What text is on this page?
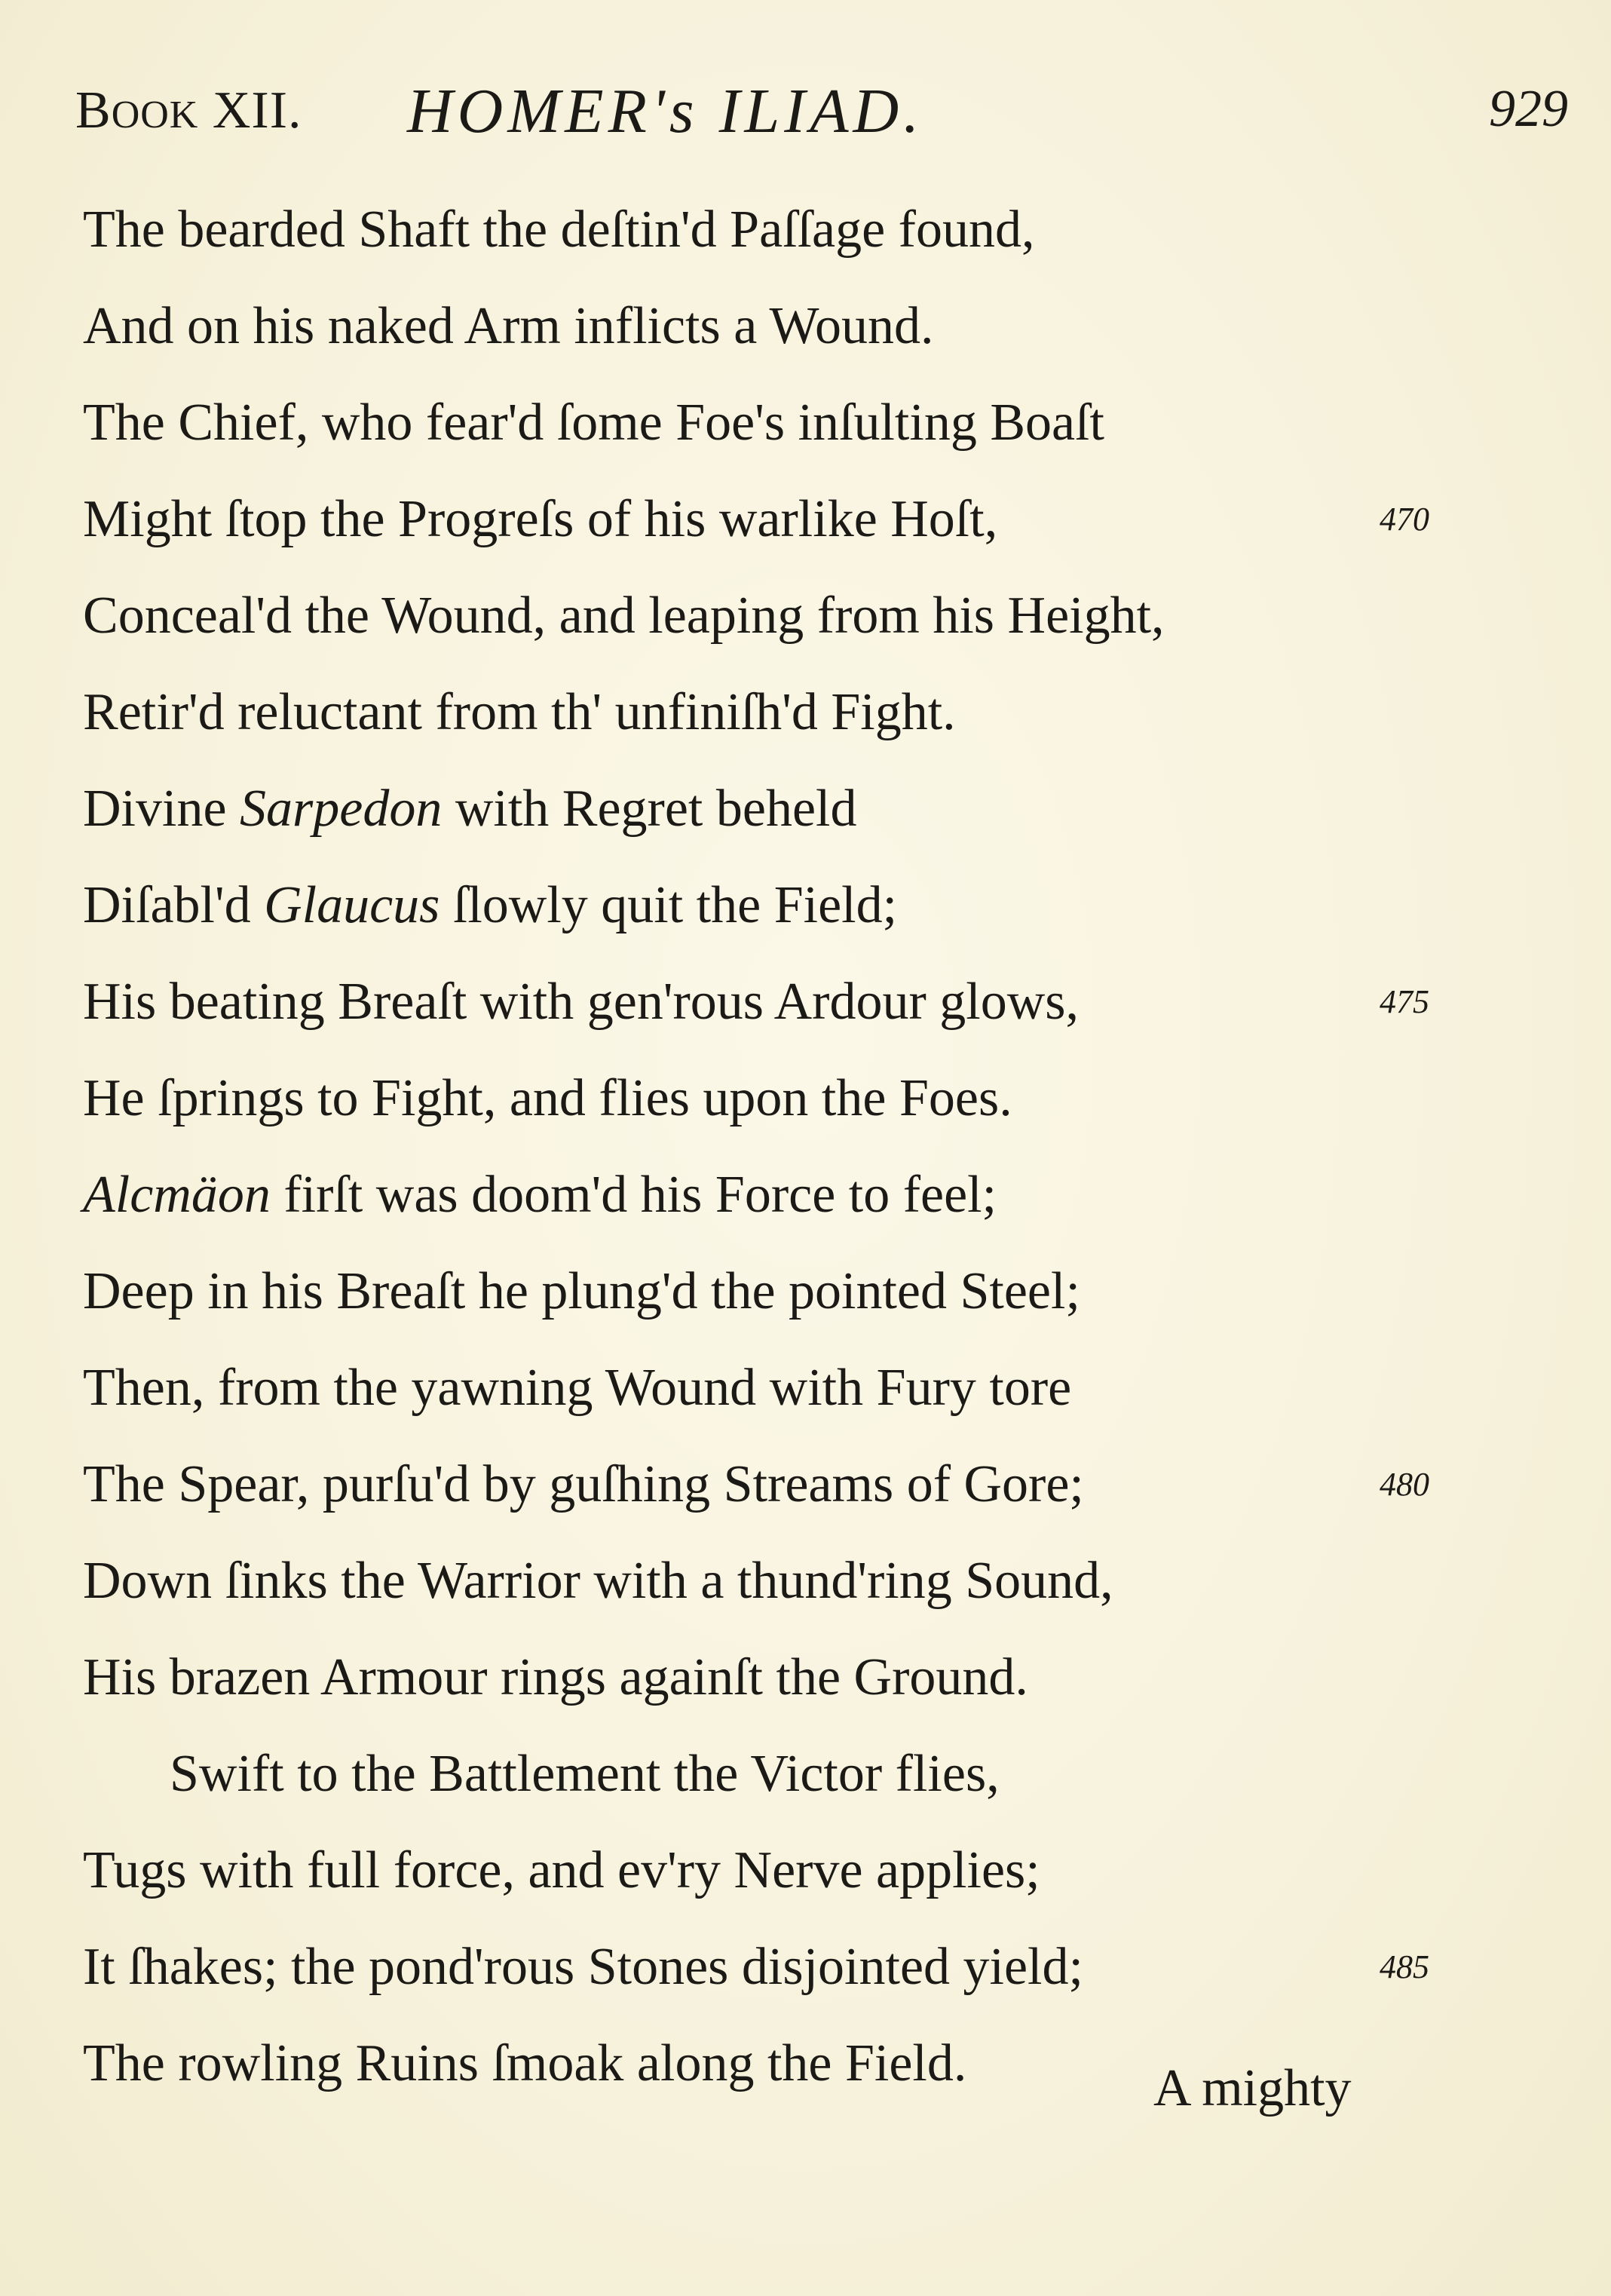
BOOK XII. HOMER's ILIAD.	929
The bearded Shaft the deſtin'd Paſſage found,
And on his naked Arm inflicts a Wound.
The Chief, who fear'd ſome Foe's inſulting Boaſt
Might ſtop the Progreſs of his warlike Hoſt,	470
Conceal'd the Wound, and leaping from his Height,
Retir'd reluctant from th' unfiniſh'd Fight.
Divine Sarpedon with Regret beheld
Diſabl'd Glaucus ſlowly quit the Field;
His beating Breaſt with gen'rous Ardour glows,	475
He ſprings to Fight, and flies upon the Foes.
Alcmäon firſt was doom'd his Force to feel;
Deep in his Breaſt he plung'd the pointed Steel;
Then, from the yawning Wound with Fury tore
The Spear, purſu'd by guſhing Streams of Gore;	480
Down ſinks the Warrior with a thund'ring Sound,
His brazen Armour rings againſt the Ground.
Swift to the Battlement the Victor flies,
Tugs with full force, and ev'ry Nerve applies;
It ſhakes; the pond'rous Stones disjointed yield;	485
The rowling Ruins ſmoak along the Field.	A mighty
